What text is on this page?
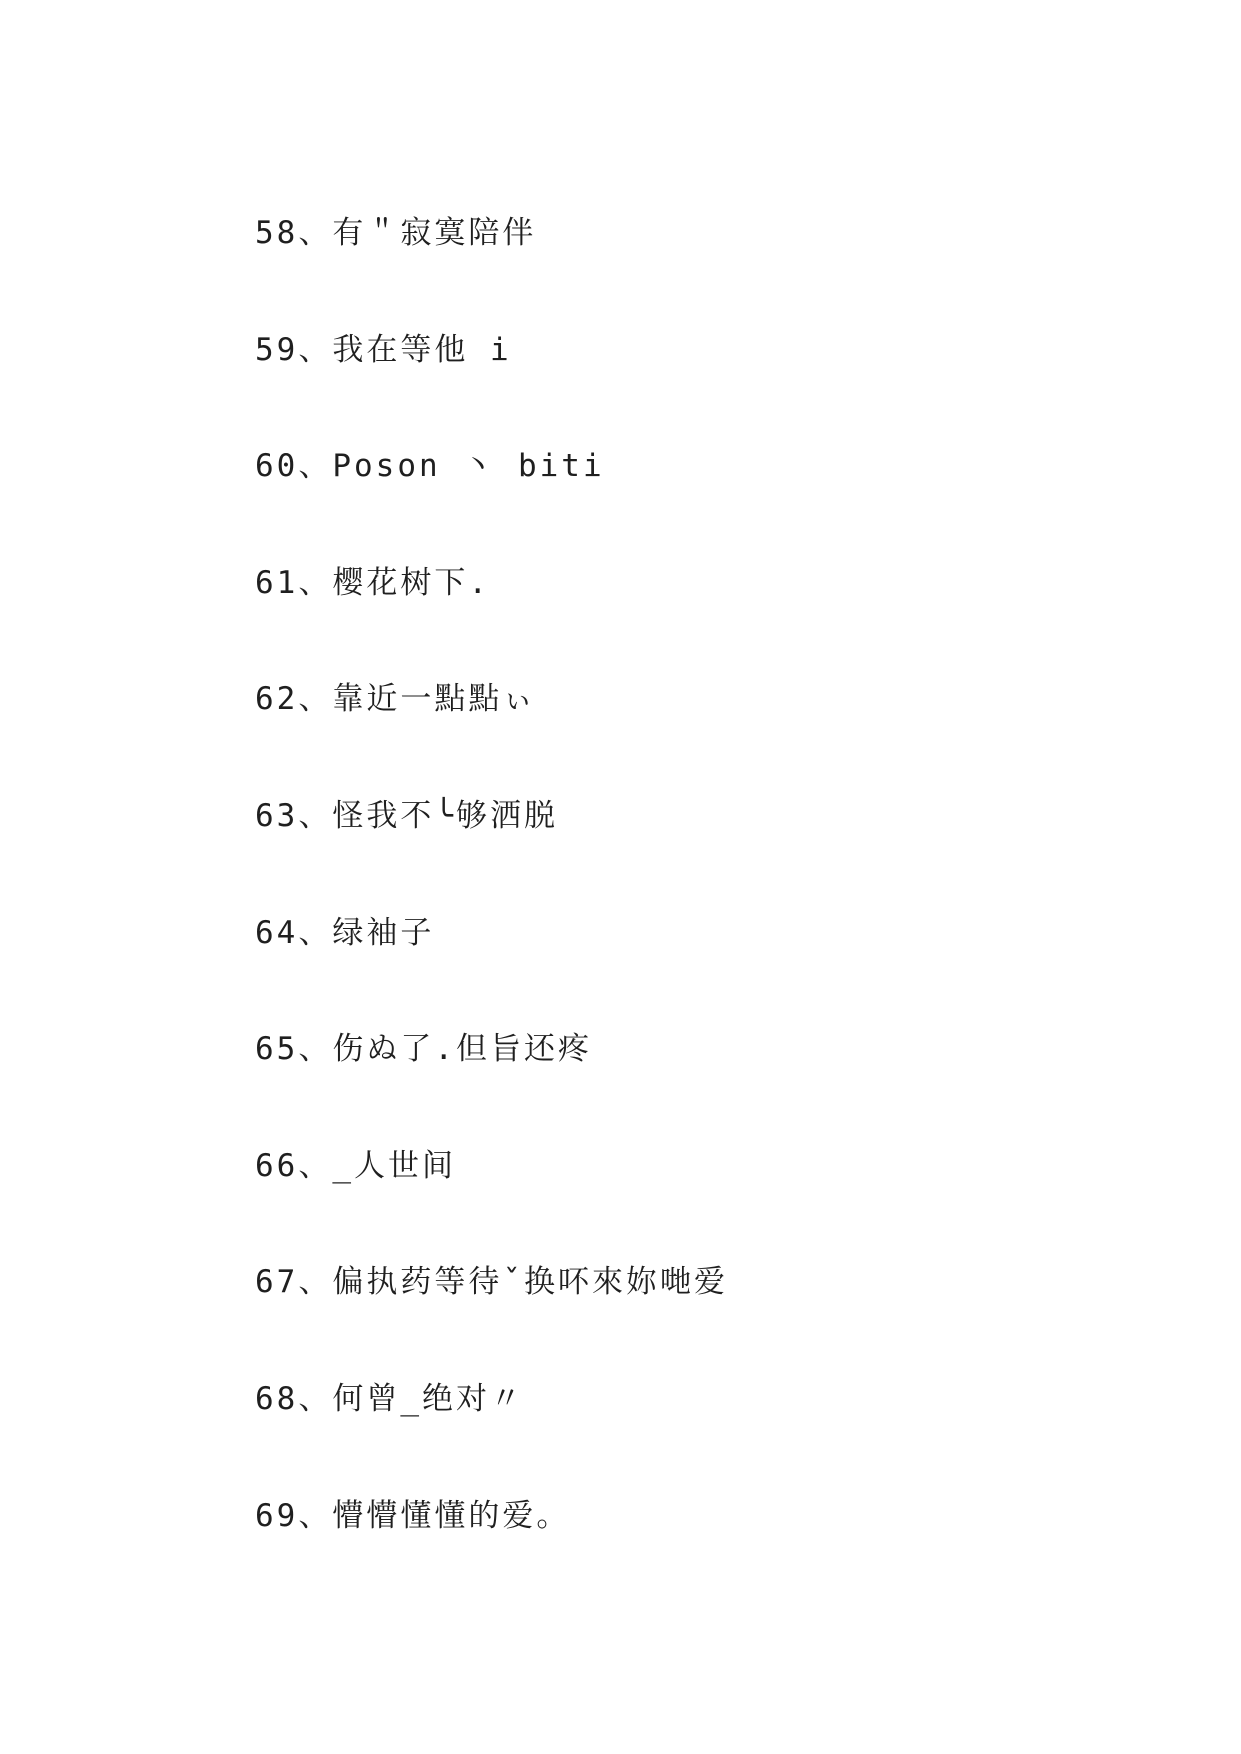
58、有＂寂寞陪伴
59、我在等他 i
60、Poson 丶 biti
61、樱花树下.
62、靠近一點點ぃ
63、怪我不╰够洒脱
64、绿袖子
65、伤ぬ了.但旨还疼
66、_人世间
67、偏执药等待ˇ换吥來妳哋爱
68、何曾_绝对〃
69、懵懵懂懂的爱。
